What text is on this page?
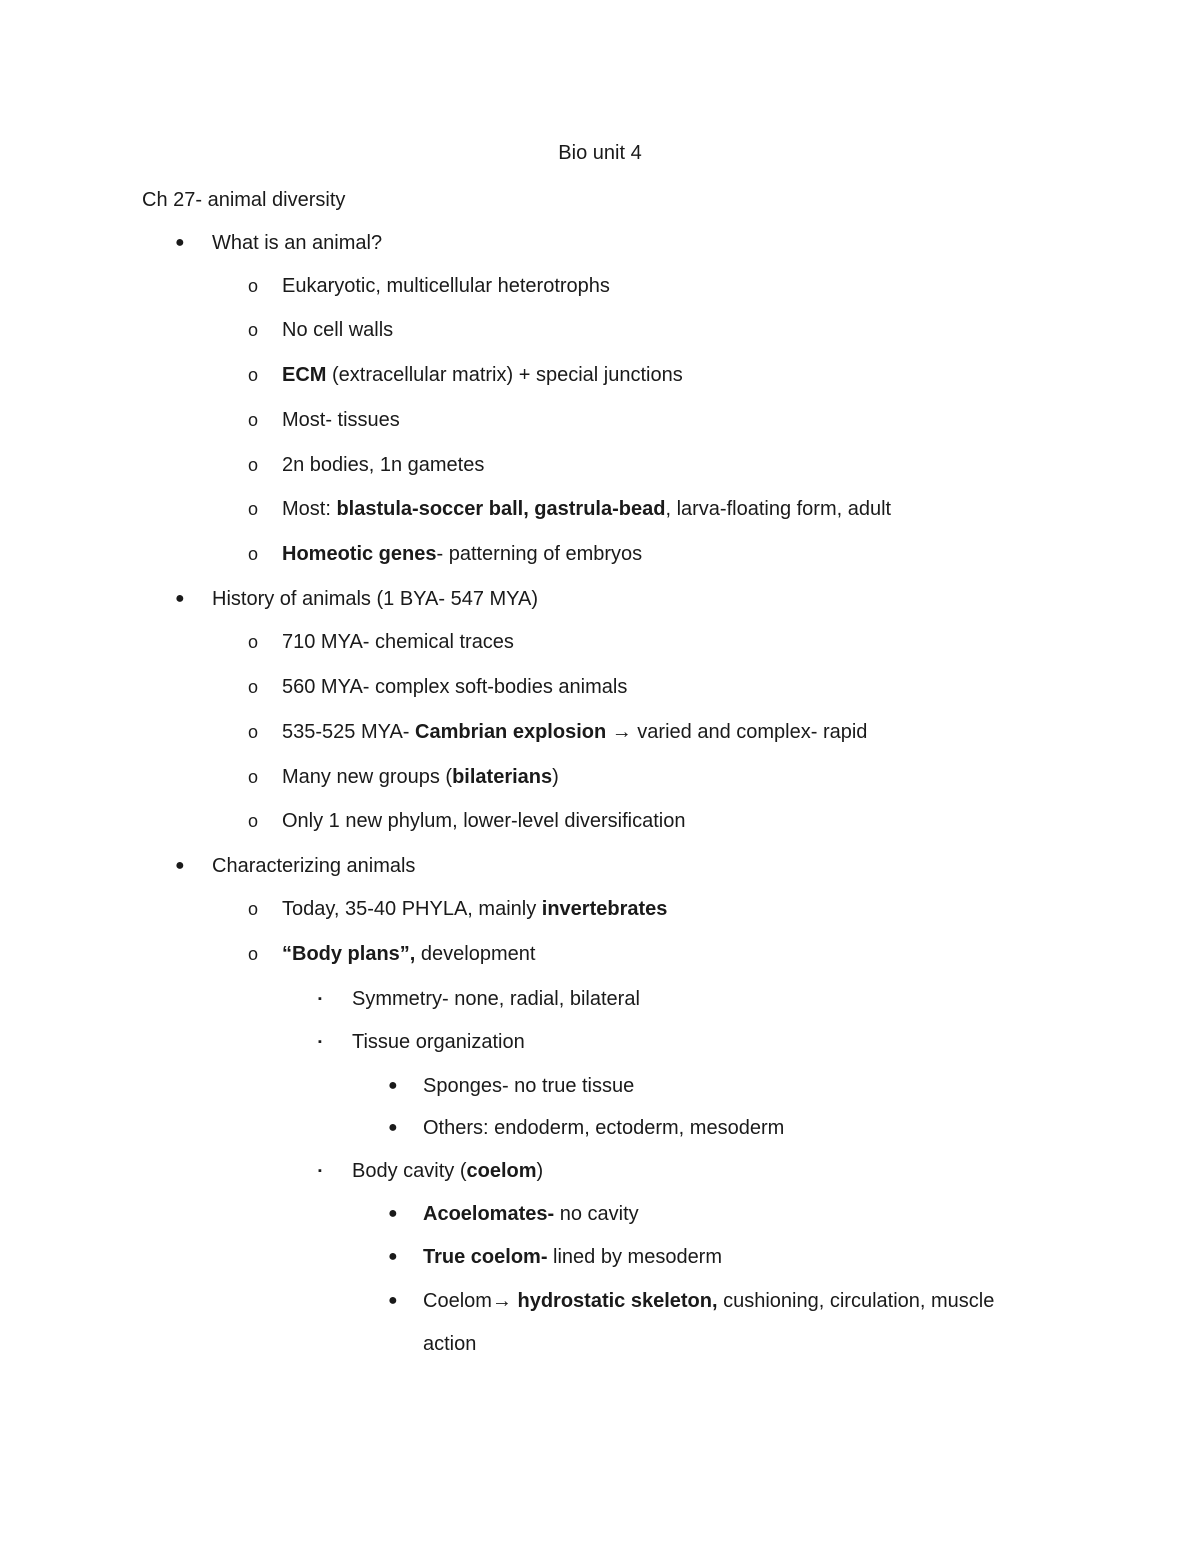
Bio unit 4
Ch 27- animal diversity
● What is an animal?
o Eukaryotic, multicellular heterotrophs
o No cell walls
o ECM (extracellular matrix) + special junctions
o Most- tissues
o 2n bodies, 1n gametes
o Most: blastula-soccer ball, gastrula-bead, larva-floating form, adult
o Homeotic genes- patterning of embryos
● History of animals (1 BYA- 547 MYA)
o 710 MYA- chemical traces
o 560 MYA- complex soft-bodies animals
o 535-525 MYA- Cambrian explosion → varied and complex- rapid
o Many new groups (bilaterians)
o Only 1 new phylum, lower-level diversification
● Characterizing animals
o Today, 35-40 PHYLA, mainly invertebrates
o “Body plans”, development
▪ Symmetry- none, radial, bilateral
▪ Tissue organization
● Sponges- no true tissue
● Others: endoderm, ectoderm, mesoderm
▪ Body cavity (coelom)
● Acoelomates- no cavity
● True coelom- lined by mesoderm
● Coelom→ hydrostatic skeleton, cushioning, circulation, muscle
action
